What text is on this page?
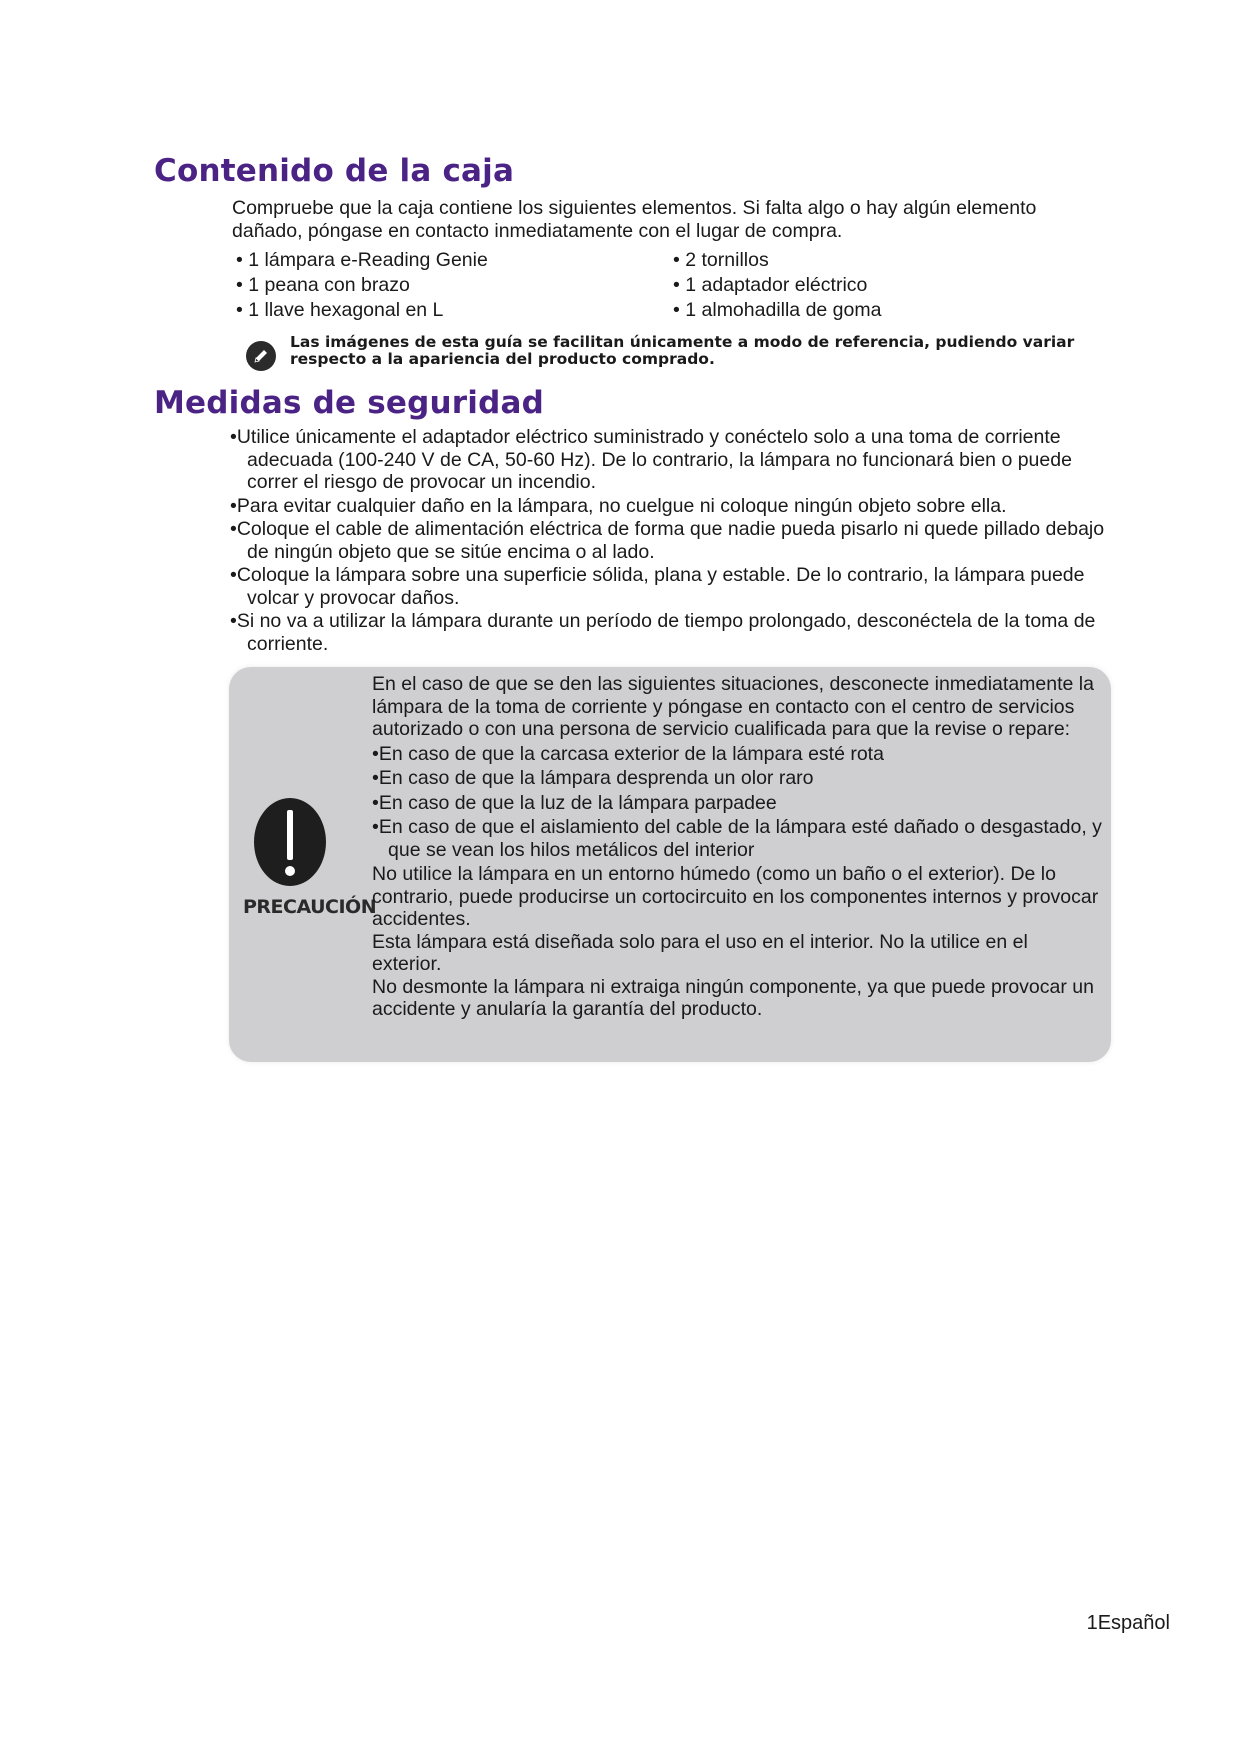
Contenido de la caja

Compruebe que la caja contiene los siguientes elementos. Si falta algo o hay algún elemento dañado, póngase en contacto inmediatamente con el lugar de compra.

• 1 lámpara e-Reading Genie	• 2 tornillos
• 1 peana con brazo	• 1 adaptador eléctrico
• 1 llave hexagonal en L	• 1 almohadilla de goma
Las imágenes de esta guía se facilitan únicamente a modo de referencia, pudiendo variar respecto a la apariencia del producto comprado.
Medidas de seguridad
• Utilice únicamente el adaptador eléctrico suministrado y conéctelo solo a una toma de corriente adecuada (100-240 V de CA, 50-60 Hz). De lo contrario, la lámpara no funcionará bien o puede correr el riesgo de provocar un incendio.
• Para evitar cualquier daño en la lámpara, no cuelgue ni coloque ningún objeto sobre ella.
• Coloque el cable de alimentación eléctrica de forma que nadie pueda pisarlo ni quede pillado debajo de ningún objeto que se sitúe encima o al lado.
• Coloque la lámpara sobre una superficie sólida, plana y estable. De lo contrario, la lámpara puede volcar y provocar daños.
• Si no va a utilizar la lámpara durante un período de tiempo prolongado, desconéctela de la toma de corriente.
PRECAUCIÓN

En el caso de que se den las siguientes situaciones, desconecte inmediatamente la lámpara de la toma de corriente y póngase en contacto con el centro de servicios autorizado o con una persona de servicio cualificada para que la revise o repare:

• En caso de que la carcasa exterior de la lámpara esté rota
• En caso de que la lámpara desprenda un olor raro
• En caso de que la luz de la lámpara parpadee
• En caso de que el aislamiento del cable de la lámpara esté dañado o desgastado, y que se vean los hilos metálicos del interior

No utilice la lámpara en un entorno húmedo (como un baño o el exterior). De lo contrario, puede producirse un cortocircuito en los componentes internos y provocar accidentes.

Esta lámpara está diseñada solo para el uso en el interior. No la utilice en el exterior.

No desmonte la lámpara ni extraiga ningún componente, ya que puede provocar un accidente y anularía la garantía del producto.

1Español
